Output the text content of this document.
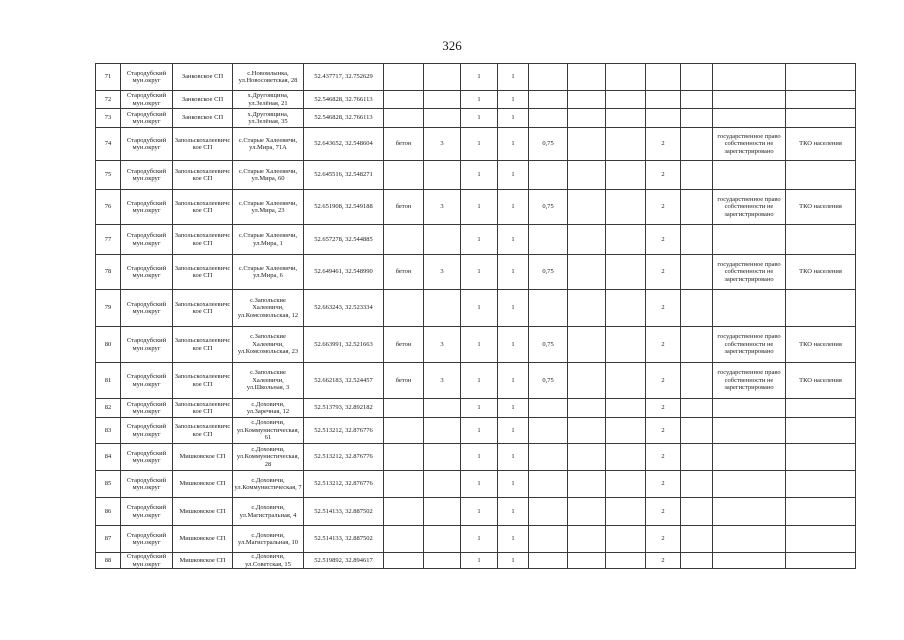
326
71	Стародубский мун.округ	Занковское СП	с.Новомлынка, ул.Новосоветская, 28	52.437717, 32.752629			1	1							
72	Стародубский мун.округ	Занковское СП	х.Друговщина, ул.Зелёная, 21	52.546828, 32.766113			1	1							
73	Стародубский мун.округ	Занковское СП	х.Друговщина, ул.Зелёная, 35	52.546828, 32.766113			1	1							
74	Стародубский мун.округ	Запольскохалеевичское СП	с.Старые Халеевичи, ул.Мира, 71А	52.643652, 32.548604	бетон	3	1	1	0,75			2		государственное право собственности не зарегистрировано	ТКО населения
75	Стародубский мун.округ	Запольскохалеевичское СП	с.Старые Халеевичи, ул.Мира, 60	52.645516, 32.548271			1	1				2			
76	Стародубский мун.округ	Запольскохалеевичское СП	с.Старые Халеевичи, ул.Мира, 23	52.651908, 32.549188	бетон	3	1	1	0,75			2		государственное право собственности не зарегистрировано	ТКО населения
77	Стародубский мун.округ	Запольскохалеевичское СП	с.Старые Халеевичи, ул.Мира, 1	52.657278, 32.544885			1	1				2			
78	Стародубский мун.округ	Запольскохалеевичское СП	с.Старые Халеевичи, ул.Мира, 6	52.649461, 32.548990	бетон	3	1	1	0,75			2		государственное право собственности не зарегистрировано	ТКО населения
79	Стародубский мун.округ	Запольскохалеевичское СП	с.Запольские Халеевичи, ул.Комсомольская, 12	52.663243, 32.523334			1	1				2			
80	Стародубский мун.округ	Запольскохалеевичское СП	с.Запольские Халеевичи, ул.Комсомольская, 23	52.663991, 32.521663	бетон	3	1	1	0,75			2		государственное право собственности не зарегистрировано	ТКО населения
81	Стародубский мун.округ	Запольскохалеевичское СП	с.Запольские Халеевичи, ул.Школьная, 3	52.662183, 32.524457	бетон	3	1	1	0,75			2		государственное право собственности не зарегистрировано	ТКО населения
82	Стародубский мун.округ	Запольскохалеевичское СП	с.Доховичи, ул.Заречная, 12	52.513793, 32.892182			1	1				2			
83	Стародубский мун.округ	Запольскохалеевичское СП	с.Доховичи, ул.Коммунистическая, 61	52.513212, 32.876776			1	1				2			
84	Стародубский мун.округ	Мишковское СП	с.Доховичи, ул.Коммунистическая, 28	52.513212, 32.876776			1	1				2			
85	Стародубский мун.округ	Мишковское СП	с.Доховичи, ул.Коммунистическая, 7	52.513212, 32.876776			1	1				2			
86	Стародубский мун.округ	Мишковское СП	с.Доховичи, ул.Магистральная, 4	52.514133, 32.887502			1	1				2			
87	Стародубский мун.округ	Мишковское СП	с.Доховичи, ул.Магистральная, 10	52.514133, 32.887502			1	1				2			
88	Стародубский мун.округ	Мишковское СП	с.Доховичи, ул.Советская, 15	52.519892, 32.894617			1	1				2			
